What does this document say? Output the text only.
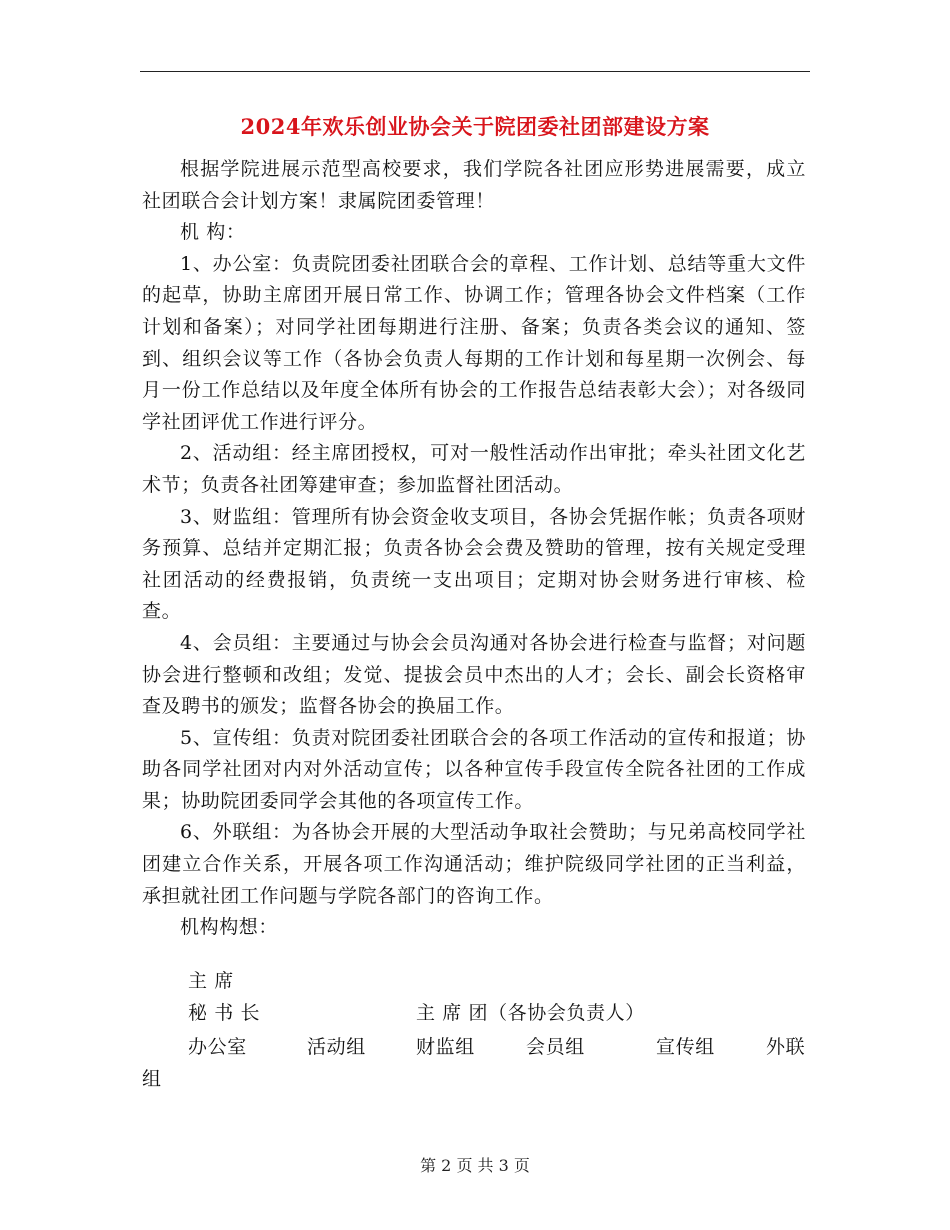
2024年欢乐创业协会关于院团委社团部建设方案

根据学院进展示范型高校要求，我们学院各社团应形势进展需要，成立社团联合会计划方案！隶属院团委管理！

机 构：

1、办公室：负责院团委社团联合会的章程、工作计划、总结等重大文件的起草，协助主席团开展日常工作、协调工作；管理各协会文件档案（工作计划和备案）；对同学社团每期进行注册、备案；负责各类会议的通知、签到、组织会议等工作（各协会负责人每期的工作计划和每星期一次例会、每月一份工作总结以及年度全体所有协会的工作报告总结表彰大会）；对各级同学社团评优工作进行评分。

2、活动组：经主席团授权，可对一般性活动作出审批；牵头社团文化艺术节；负责各社团筹建审查；参加监督社团活动。

3、财监组：管理所有协会资金收支项目，各协会凭据作帐；负责各项财务预算、总结并定期汇报；负责各协会会费及赞助的管理，按有关规定受理社团活动的经费报销，负责统一支出项目；定期对协会财务进行审核、检查。

4、会员组：主要通过与协会会员沟通对各协会进行检查与监督；对问题协会进行整顿和改组；发觉、提拔会员中杰出的人才；会长、副会长资格审查及聘书的颁发；监督各协会的换届工作。

5、宣传组：负责对院团委社团联合会的各项工作活动的宣传和报道；协助各同学社团对内对外活动宣传；以各种宣传手段宣传全院各社团的工作成果；协助院团委同学会其他的各项宣传工作。

6、外联组：为各协会开展的大型活动争取社会赞助；与兄弟高校同学社团建立合作关系，开展各项工作沟通活动；维护院级同学社团的正当利益，承担就社团工作问题与学院各部门的咨询工作。

机构构想：

主 席
秘 书 长	主 席 团（各协会负责人）
办公室	活动组	财监组	会员组	宣传组	外联
组
第 2 页 共 3 页
